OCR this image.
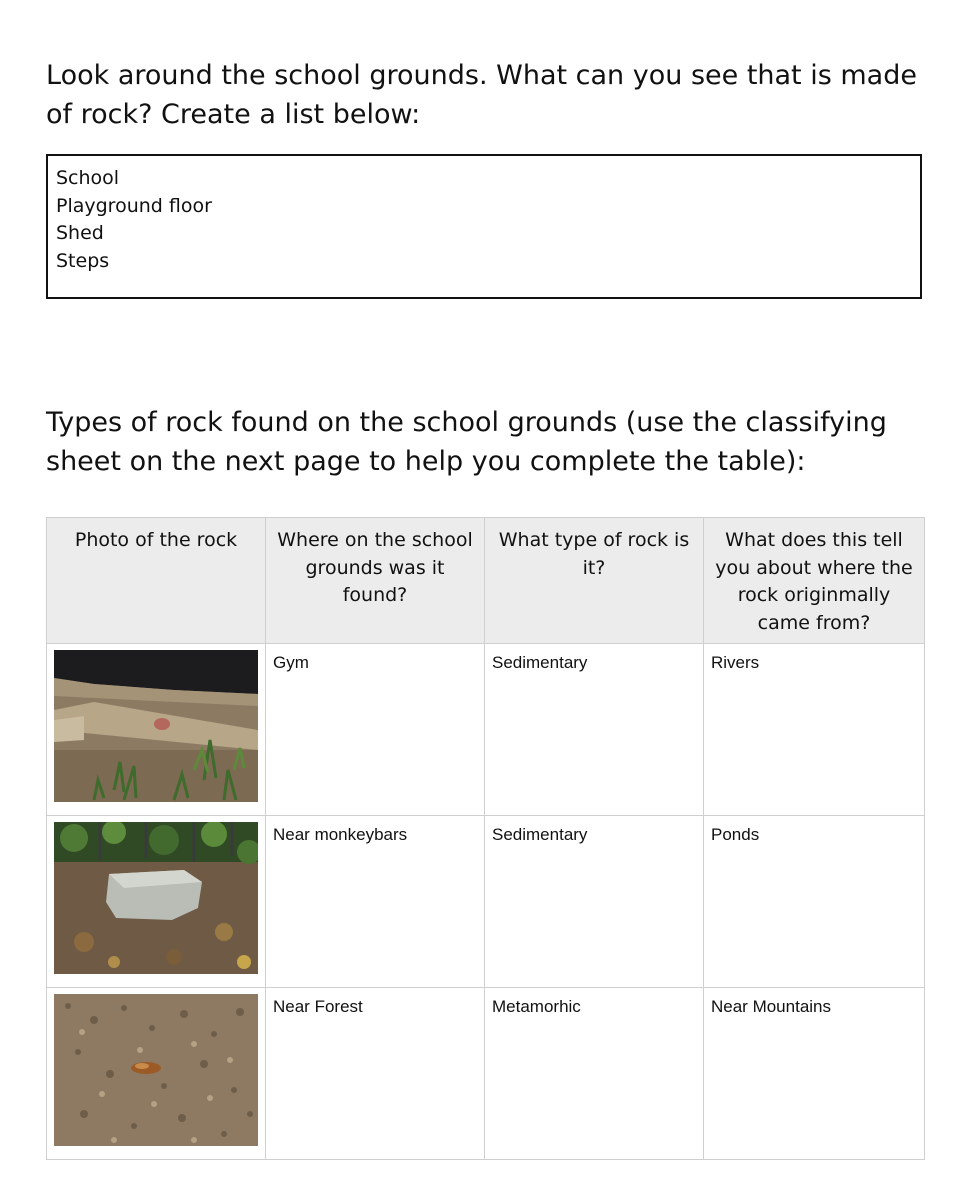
Look around the school grounds. What can you see that is made of rock? Create a list below:
School
Playground floor
Shed
Steps
Types of rock found on the school grounds (use the classifying sheet on the next page to help you complete the table):
Photo of the rock	Where on the school grounds was it found?	What type of rock is it?	What does this tell you about where the rock originmally came from?

	Gym	Sedimentary	Rivers

	Near monkeybars	Sedimentary	Ponds

	Near Forest	Metamorhic	Near Mountains
